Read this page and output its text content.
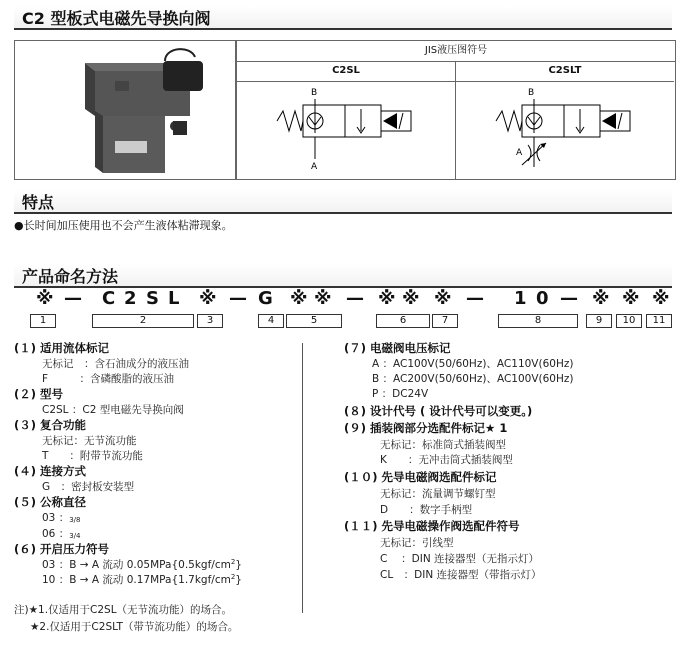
C2 型板式电磁先导换向阀
JIS液压图符号
C2SL	C2SLT
B
A
B
A
特点
●长时间加压使用也不会产生液体粘滞现象。
产品命名方法
※ — C 2 S L ※ — G ※ ※ — ※ ※ ※ — 1 0 — ※ ※ ※
1	2	3	4	5	6	7	8	9	10	11
(１) 适用流体标记
无标记　：含石油成分的液压油
F　　　：含磷酸脂的液压油
(２) 型号
C2SL ：C2 型电磁先导换向阀
(３) 复合功能
无标记：无节流功能
T　　：附带节流功能
(４) 连接方式
G　：密封板安装型
(５) 公称直径
03 ：3/8
06 ：3/4
(６) 开启压力符号
03 ：B → A 流动 $0.05MPa\{0.5kgf/cm^2\}$
10 ：B → A 流动 $0.17MPa\{1.7kgf/cm^2\}$
(７) 电磁阀电压标记
A ：AC100V(50/60Hz)、AC110V(60Hz)
B ：AC200V(50/60Hz)、AC100V(60Hz)
P ：DC24V
(８) 设计代号 ( 设计代号可以变更。)
(９) 插装阀部分选配件标记★ 1
无标记：标准筒式插装阀型
K　　：无冲击筒式插装阀型
(１０) 先导电磁阀选配件标记
无标记：流量调节螺钉型
D　　：数字手柄型
(１１) 先导电磁操作阀选配件符号
无标记：引线型
C　 ：DIN 连接器型（无指示灯）
CL　：DIN 连接器型（带指示灯）
注)★1.仅适用于C2SL（无节流功能）的场合。
★2.仅适用于C2SLT（带节流功能）的场合。
